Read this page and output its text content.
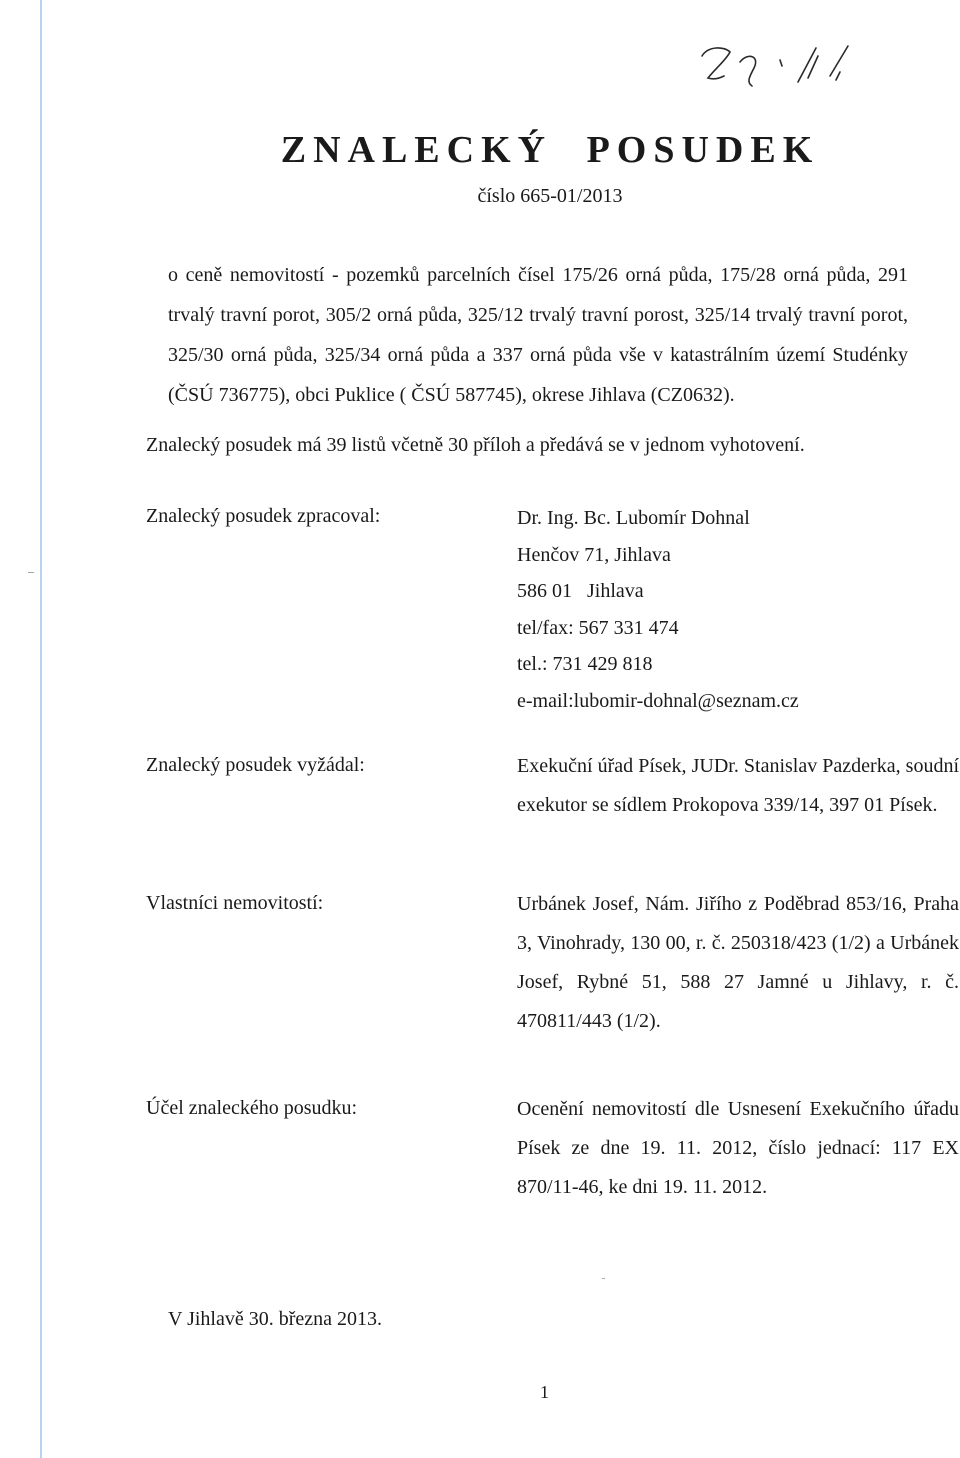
ZNALECKÝ POSUDEK
číslo 665-01/2013
o ceně nemovitostí - pozemků parcelních čísel 175/26 orná půda, 175/28 orná půda, 291 trvalý travní porot, 305/2 orná půda, 325/12 trvalý travní porost, 325/14 trvalý travní porot, 325/30 orná půda, 325/34 orná půda a 337 orná půda vše v katastrálním území Studénky (ČSÚ 736775), obci Puklice ( ČSÚ 587745), okrese Jihlava (CZ0632).
Znalecký posudek má 39 listů včetně 30 příloh a předává se v jednom vyhotovení.
Znalecký posudek zpracoval:	Dr. Ing. Bc. Lubomír Dohnal
Henčov 71, Jihlava
586 01   Jihlava
tel/fax: 567 331 474
tel.: 731 429 818
e-mail:lubomir-dohnal@seznam.cz
Znalecký posudek vyžádal:	Exekuční úřad Písek, JUDr. Stanislav Pazderka, soudní exekutor se sídlem Prokopova 339/14, 397 01 Písek.
Vlastníci nemovitostí:	Urbánek Josef, Nám. Jiřího z Poděbrad 853/16, Praha 3, Vinohrady, 130 00, r. č. 250318/423 (1/2) a Urbánek Josef, Rybné 51, 588 27 Jamné u Jihlavy, r. č. 470811/443 (1/2).
Účel znaleckého posudku:	Ocenění nemovitostí dle Usnesení Exekučního úřadu Písek ze dne 19. 11. 2012, číslo jednací: 117 EX 870/11-46, ke dni 19. 11. 2012.
V Jihlavě 30. března 2013.
1
